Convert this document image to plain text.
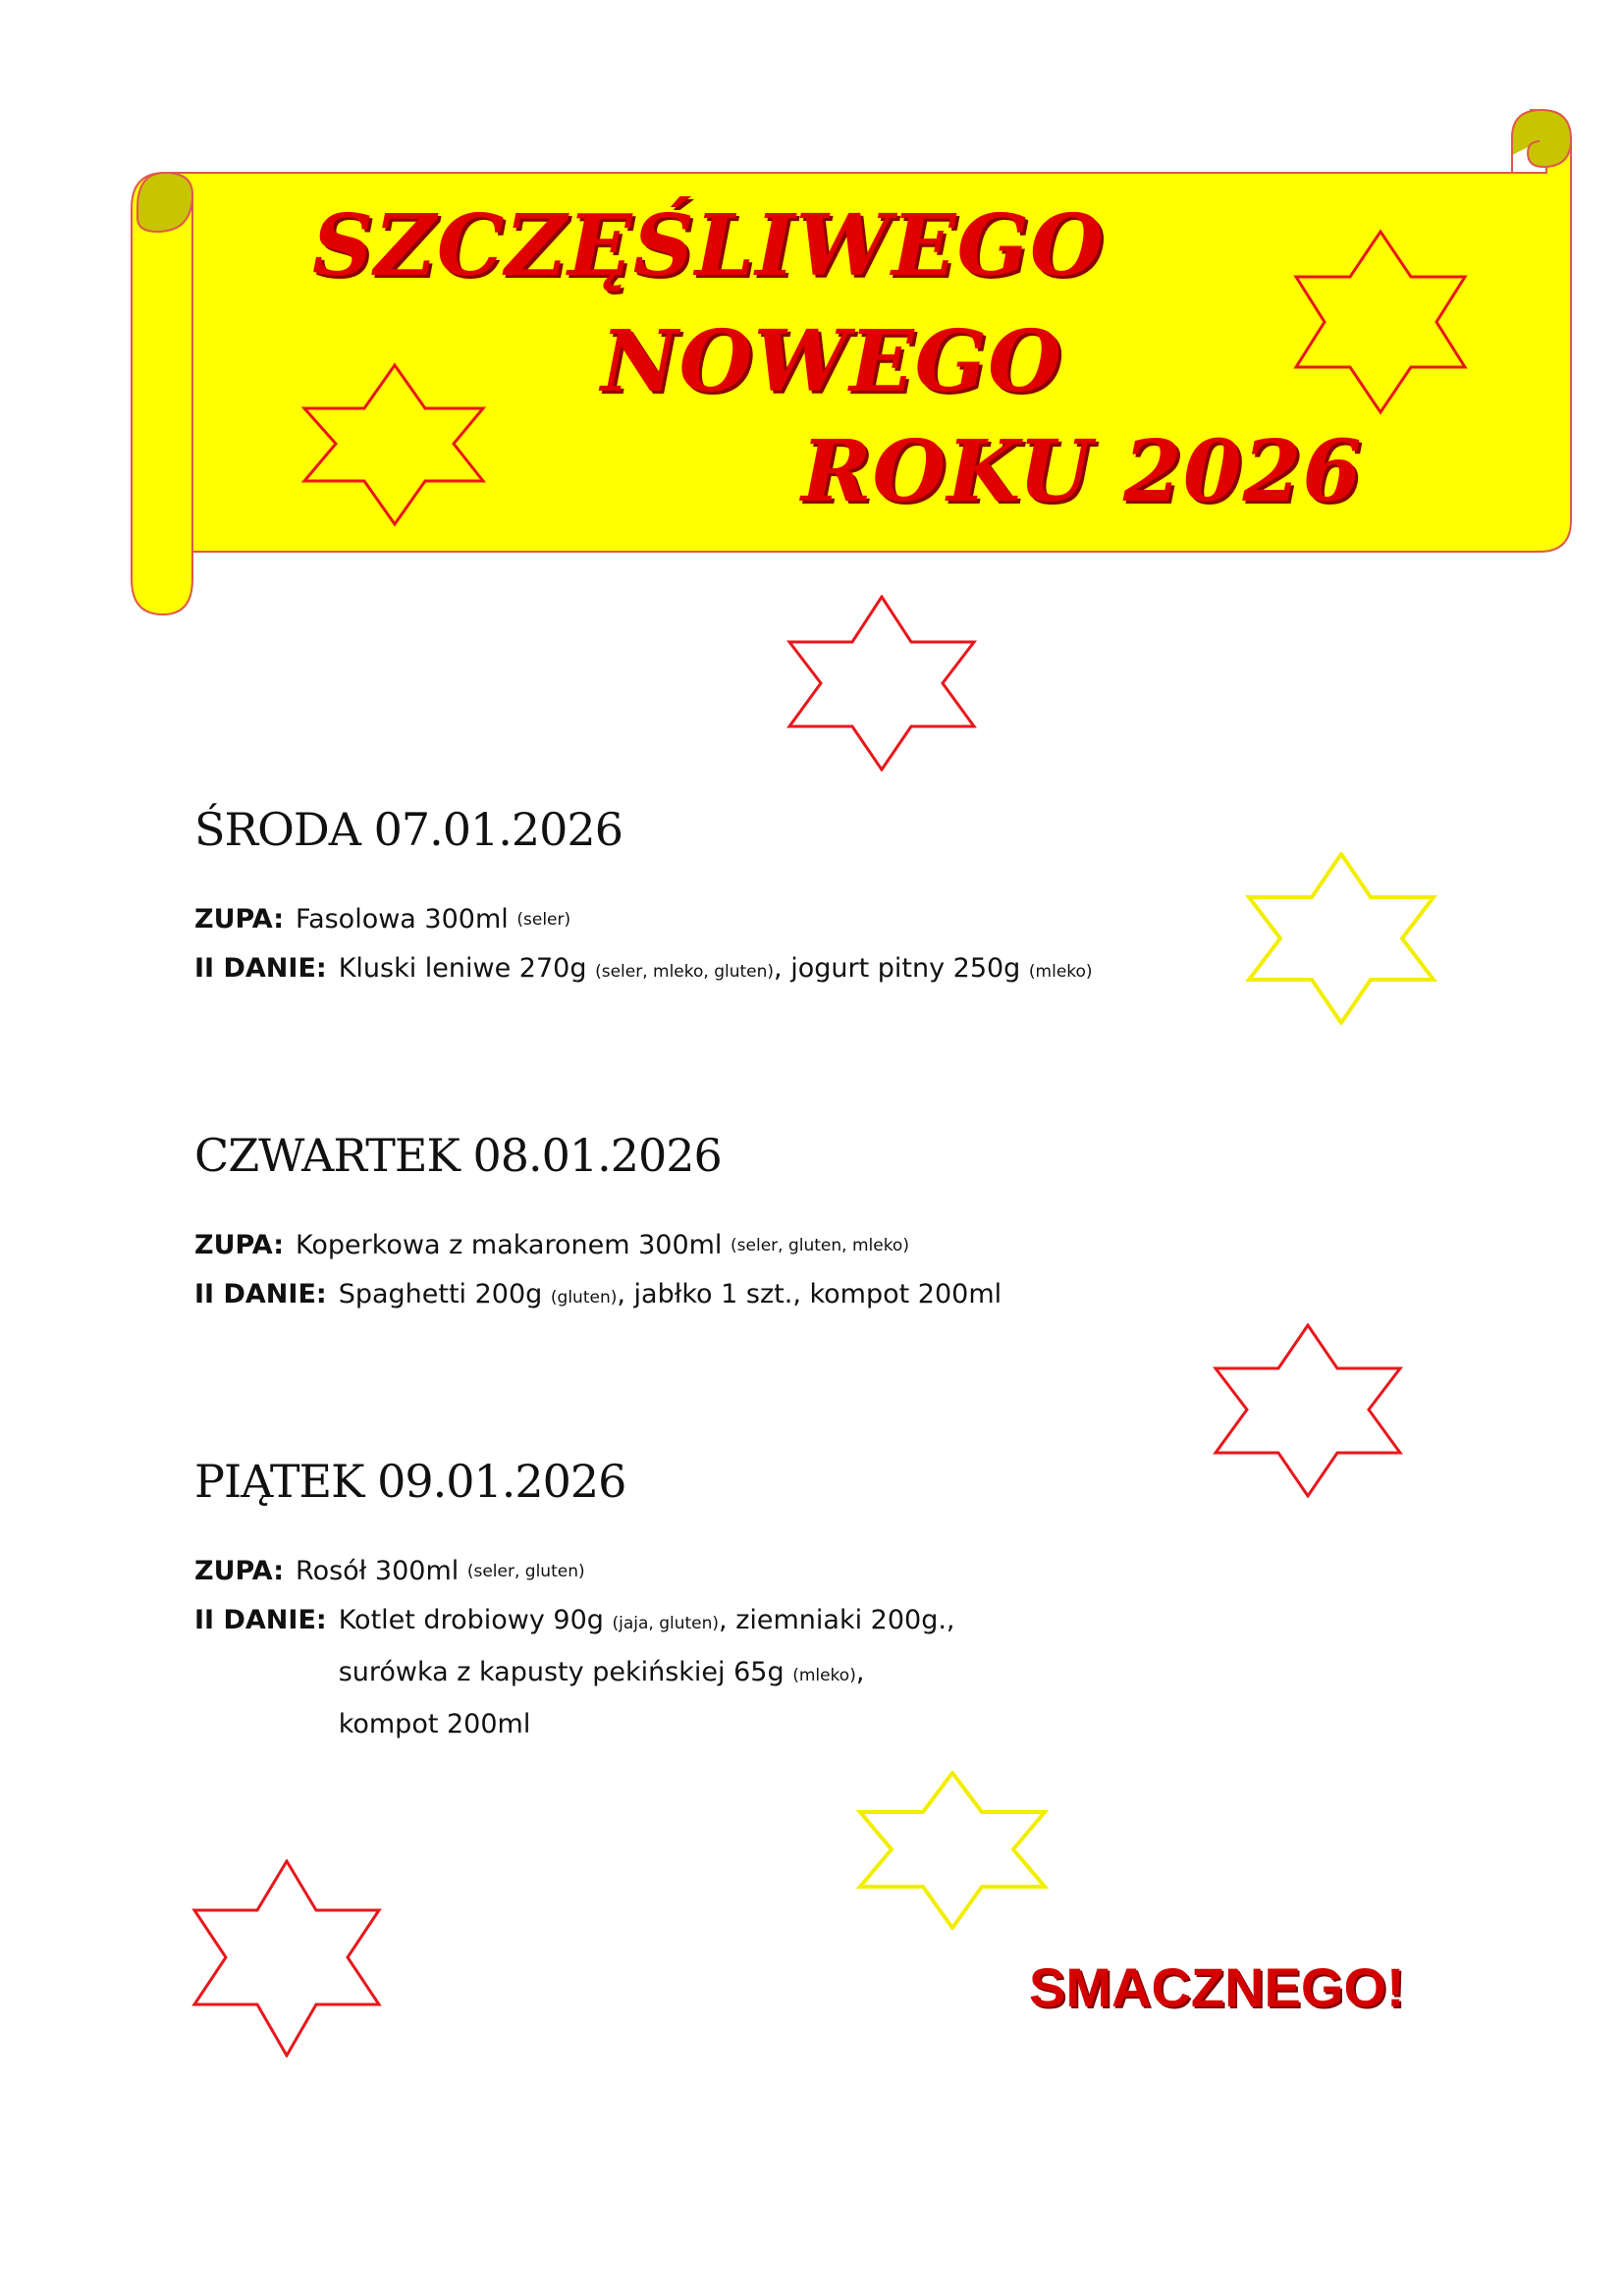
SZCZĘŚLIWEGO
NOWEGO
ROKU 2026
ŚRODA 07.01.2026
ZUPA: Fasolowa 300ml
(seler)
II DANIE : Kluski leniwe 270g (seler, mleko, gluten), jogurt pitny 250g (mleko)
CZWARTEK 08.01.2026
ZUPA: Koperkowa z makaronem 300ml
(seler, gluten, mleko)
II DANIE: Spaghetti 200g (gluten), jabłko 1 szt., kompot 200ml
PIĄTEK 09.01.2026
ZUPA: Rosół 300ml
(seler, gluten)
II DANIE: Kotlet drobiowy 90g (jaja, gluten), ziemniaki 200g.,
surówka z kapusty pekińskiej 65g (mleko),
kompot 200ml

SMACZNEGO!
